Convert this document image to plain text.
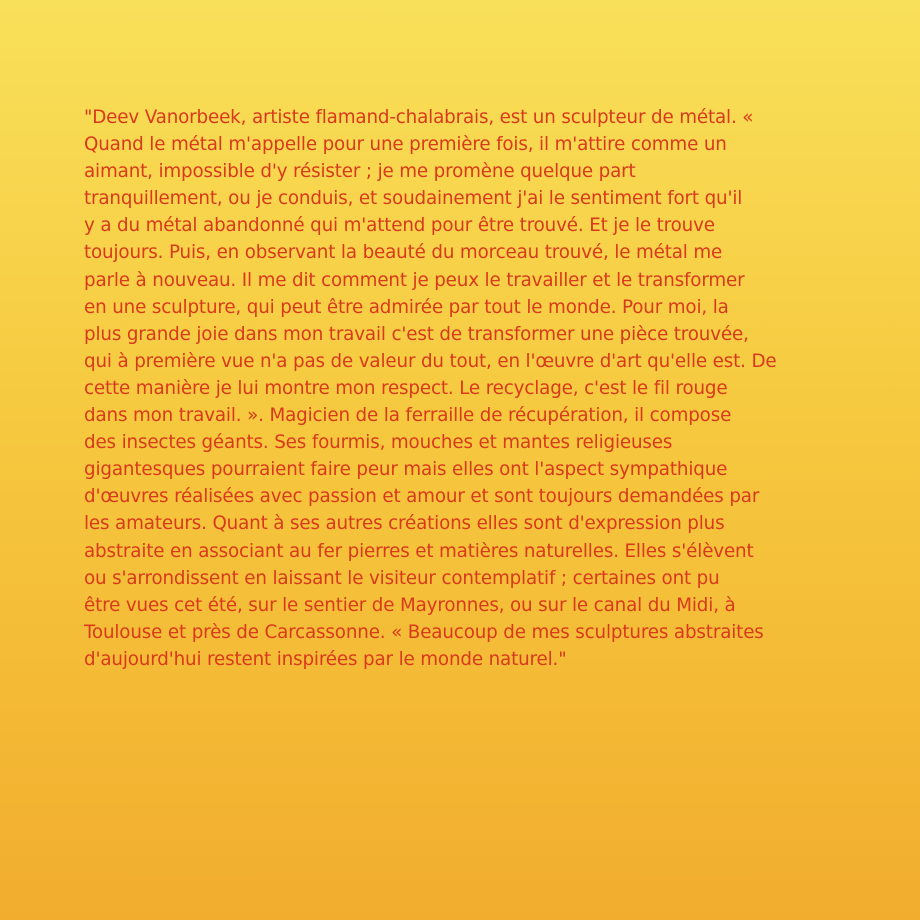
"Deev Vanorbeek, artiste flamand-chalabrais, est un sculpteur de métal. «
Quand le métal m'appelle pour une première fois, il m'attire comme un
aimant, impossible d'y résister ; je me promène quelque part
tranquillement, ou je conduis, et soudainement j'ai le sentiment fort qu'il
y a du métal abandonné qui m'attend pour être trouvé. Et je le trouve
toujours. Puis, en observant la beauté du morceau trouvé, le métal me
parle à nouveau. Il me dit comment je peux le travailler et le transformer
en une sculpture, qui peut être admirée par tout le monde. Pour moi, la
plus grande joie dans mon travail c'est de transformer une pièce trouvée,
qui à première vue n'a pas de valeur du tout, en l'œuvre d'art qu'elle est. De
cette manière je lui montre mon respect. Le recyclage, c'est le fil rouge
dans mon travail. ». Magicien de la ferraille de récupération, il compose
des insectes géants. Ses fourmis, mouches et mantes religieuses
gigantesques pourraient faire peur mais elles ont l'aspect sympathique
d'œuvres réalisées avec passion et amour et sont toujours demandées par
les amateurs. Quant à ses autres créations elles sont d'expression plus
abstraite en associant au fer pierres et matières naturelles. Elles s'élèvent
ou s'arrondissent en laissant le visiteur contemplatif ; certaines ont pu
être vues cet été, sur le sentier de Mayronnes, ou sur le canal du Midi, à
Toulouse et près de Carcassonne. « Beaucoup de mes sculptures abstraites
d'aujourd'hui restent inspirées par le monde naturel."
